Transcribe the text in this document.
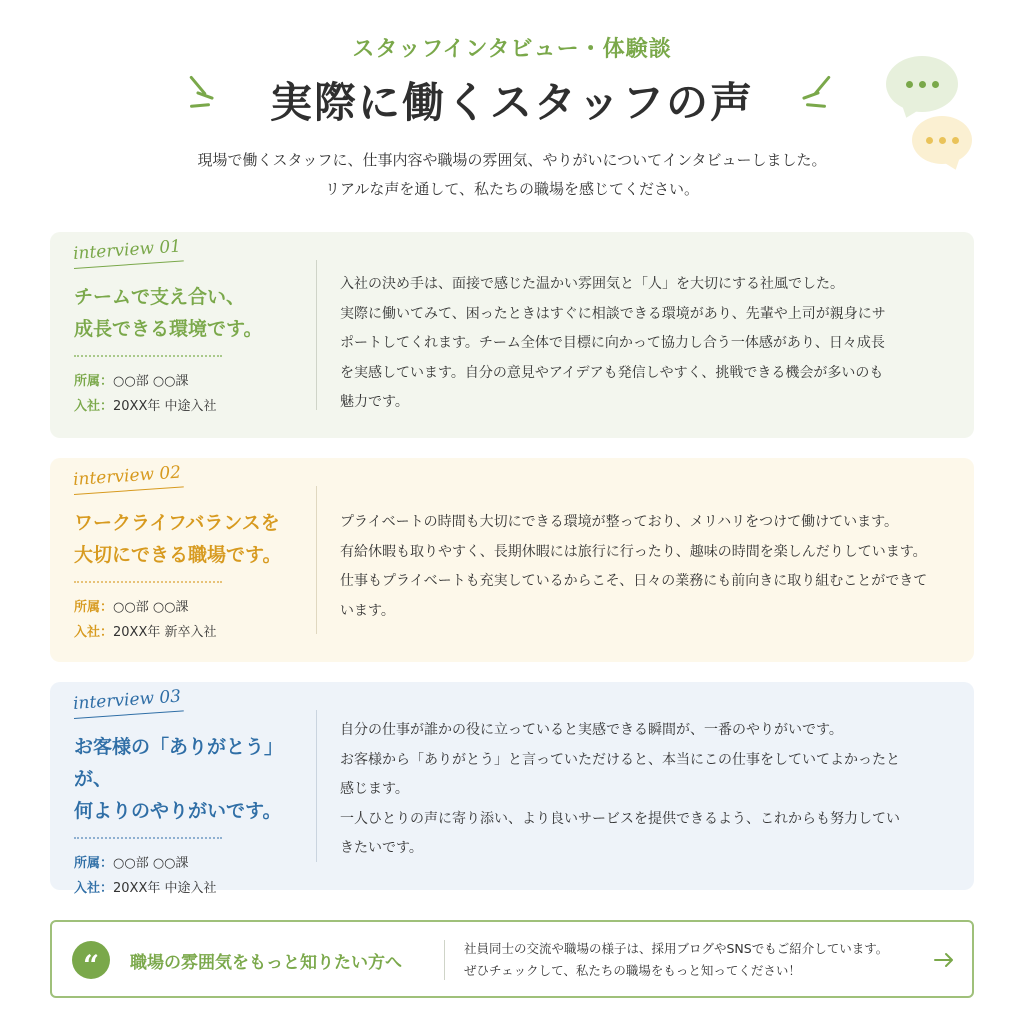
スタッフインタビュー・体験談
実際に働くスタッフの声
現場で働くスタッフに、仕事内容や職場の雰囲気、やりがいについてインタビューしました。
リアルな声を通して、私たちの職場を感じてください。
interview 01
チームで支え合い、
成長できる環境です。
所属：○○部 ○○課
入社：20XX年 中途入社
入社の決め手は、面接で感じた温かい雰囲気と「人」を大切にする社風でした。
実際に働いてみて、困ったときはすぐに相談できる環境があり、先輩や上司が親身にサ
ポートしてくれます。チーム全体で目標に向かって協力し合う一体感があり、日々成長
を実感しています。自分の意見やアイデアも発信しやすく、挑戦できる機会が多いのも
魅力です。
interview 02
ワークライフバランスを
大切にできる職場です。
所属：○○部 ○○課
入社：20XX年 新卒入社
プライベートの時間も大切にできる環境が整っており、メリハリをつけて働けています。
有給休暇も取りやすく、長期休暇には旅行に行ったり、趣味の時間を楽しんだりしています。
仕事もプライベートも充実しているからこそ、日々の業務にも前向きに取り組むことができて
います。
interview 03
お客様の「ありがとう」が、
何よりのやりがいです。
所属：○○部 ○○課
入社：20XX年 中途入社
自分の仕事が誰かの役に立っていると実感できる瞬間が、一番のやりがいです。
お客様から「ありがとう」と言っていただけると、本当にこの仕事をしていてよかったと
感じます。
一人ひとりの声に寄り添い、より良いサービスを提供できるよう、これからも努力してい
きたいです。
“	職場の雰囲気をもっと知りたい方へ
社員同士の交流や職場の様子は、採用ブログやSNSでもご紹介しています。
ぜひチェックして、私たちの職場をもっと知ってください！
